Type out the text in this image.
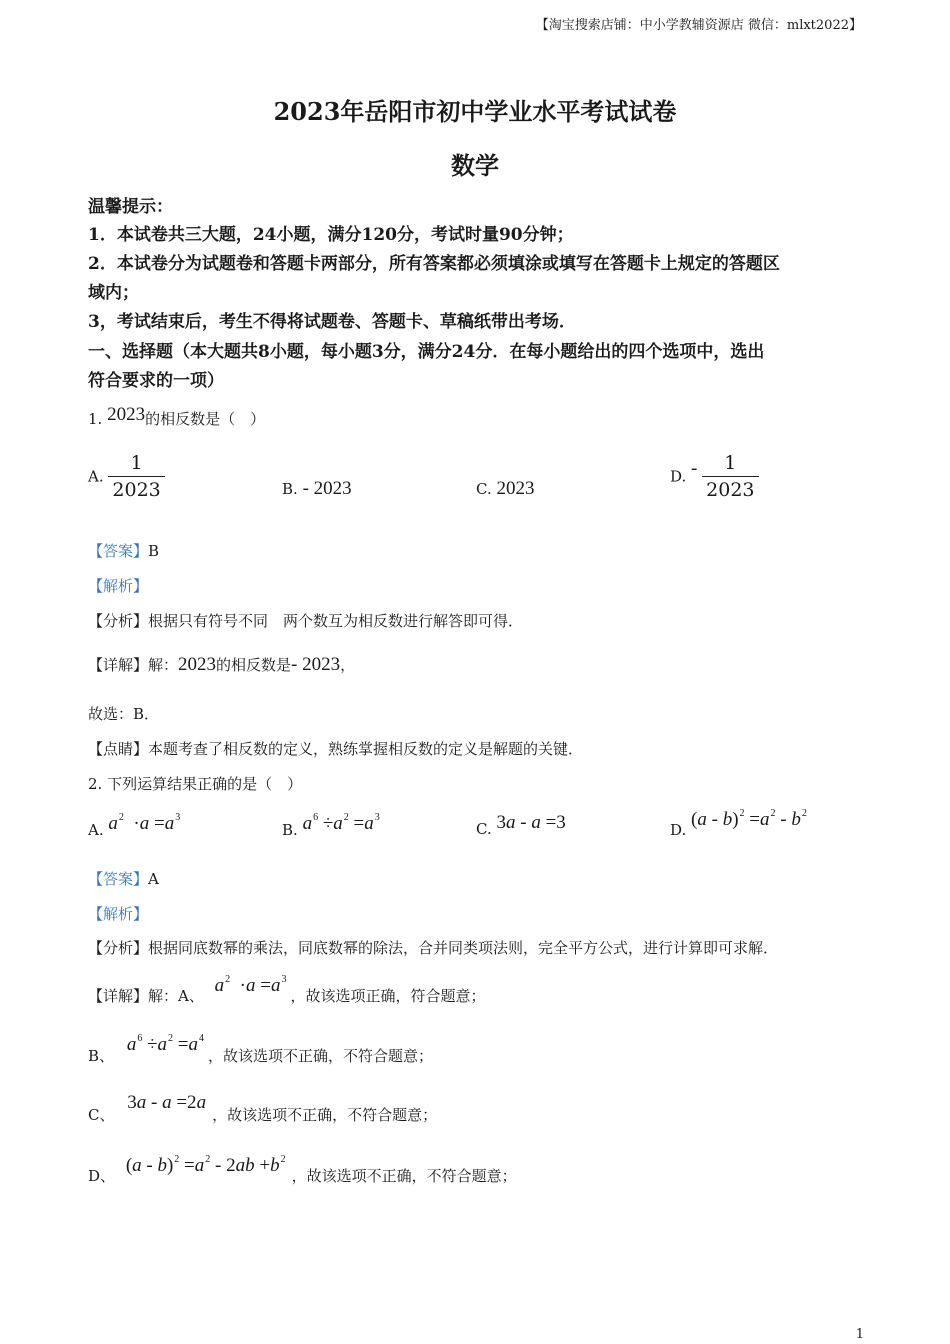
【淘宝搜索店铺：中小学教辅资源店 微信：mlxt2022】
2023年岳阳市初中学业水平考试试卷
数学
温馨提示：
1．本试卷共三大题，24小题，满分120分，考试时量90分钟；
2．本试卷分为试题卷和答题卡两部分，所有答案都必须填涂或填写在答题卡上规定的答题区
域内；
3，考试结束后，考生不得将试题卷、答题卡、草稿纸带出考场．
一、选择题（本大题共8小题，每小题3分，满分24分．在每小题给出的四个选项中，选出
符合要求的一项）
1. 2023的相反数是（　）
A. $\frac{1}{2023}$	B. - 2023	C. 2023
D. - $\frac{1}{2023}$
【答案】B
【解析】
【分析】根据只有符号不同　两个数互为相反数进行解答即可得．
【详解】解：2023的相反数是- 2023，
故选：B．
【点睛】本题考查了相反数的定义，熟练掌握相反数的定义是解题的关键．
2. 下列运算结果正确的是（　）
A. $a^2 \cdot a =a^3$
B. $a^6 \div a^2 =a^3$
C. 3a - a =3	D. $(a - b)^2 =a^2 - b^2$
【答案】A
【解析】
【分析】根据同底数幂的乘法，同底数幂的除法，合并同类项法则，完全平方公式，进行计算即可求解．
【详解】解：A、 $a^2 \cdot a =a^3$，故该选项正确，符合题意；
B、 $a^6 \div a^2 =a^4$，故该选项不正确，不符合题意；
C、 3a - a =2a，故该选项不正确，不符合题意；
D、 $(a - b)^2 =a^2 - 2ab +b^2$，故该选项不正确，不符合题意；
1
